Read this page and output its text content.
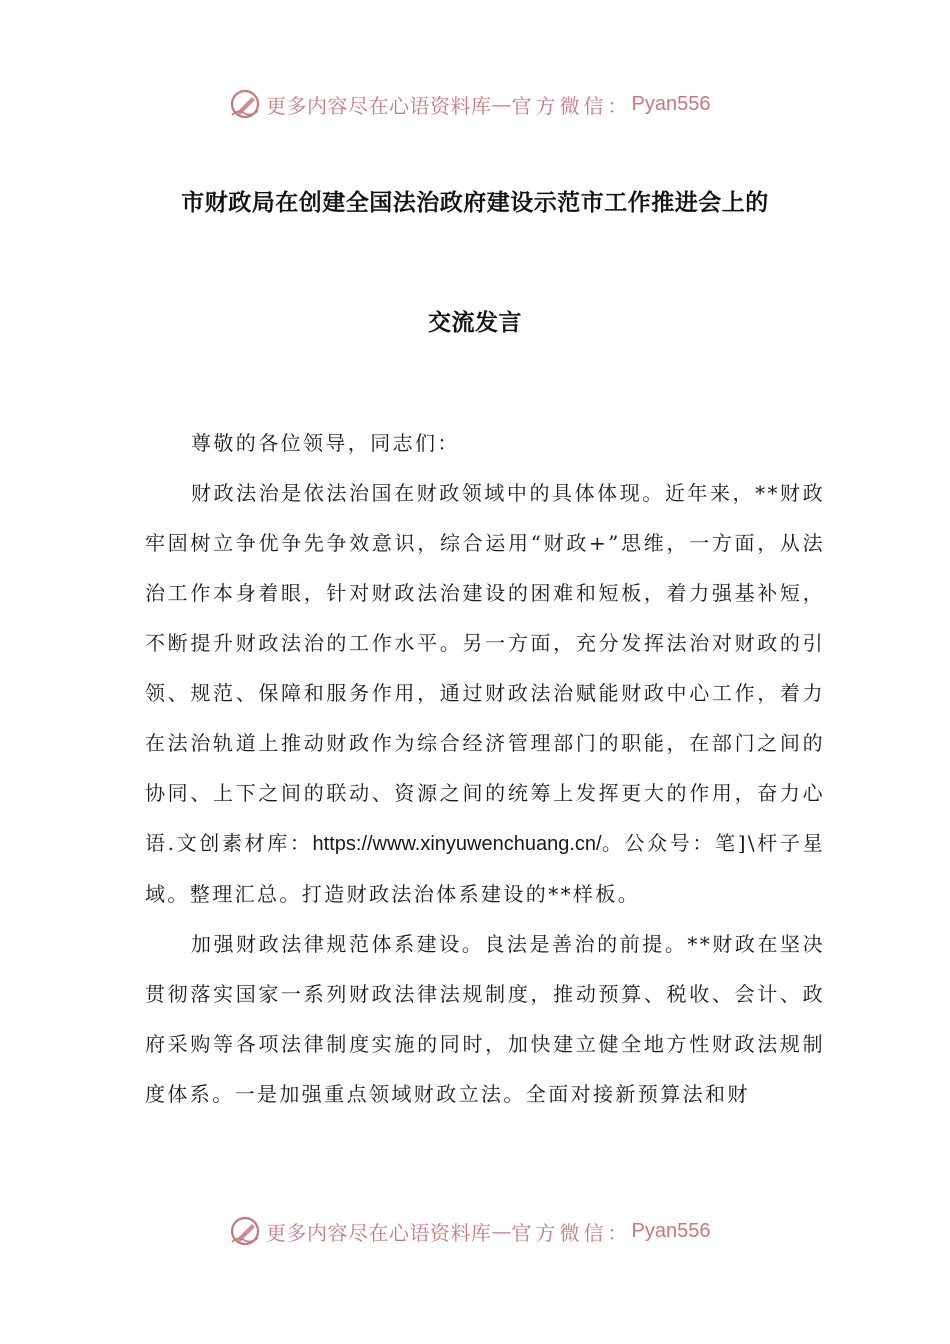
更多内容尽在心语资料库 — 官方微信： Pyan556
市财政局在创建全国法治政府建设示范市工作推进会上的
交流发言

尊敬的各位领导，同志们：

财政法治是依法治国在财政领域中的具体体现。近年来，**财政牢固树立争优争先争效意识，综合运用“财政+”思维，一方面，从法治工作本身着眼，针对财政法治建设的困难和短板，着力强基补短，不断提升财政法治的工作水平。另一方面，充分发挥法治对财政的引领、规范、保障和服务作用，通过财政法治赋能财政中心工作，着力在法治轨道上推动财政作为综合经济管理部门的职能，在部门之间的协同、上下之间的联动、资源之间的统筹上发挥更大的作用，奋力心语.文创素材库：https://www.xinyuwenchuang.cn/。公众号：笔]\杆子星域。整理汇总。打造财政法治体系建设的**样板。

加强财政法律规范体系建设。良法是善治的前提。**财政在坚决贯彻落实国家一系列财政法律法规制度，推动预算、税收、会计、政府采购等各项法律制度实施的同时，加快建立健全地方性财政法规制度体系。一是加强重点领域财政立法。全面对接新预算法和财

更多内容尽在心语资料库 — 官方微信： Pyan556
